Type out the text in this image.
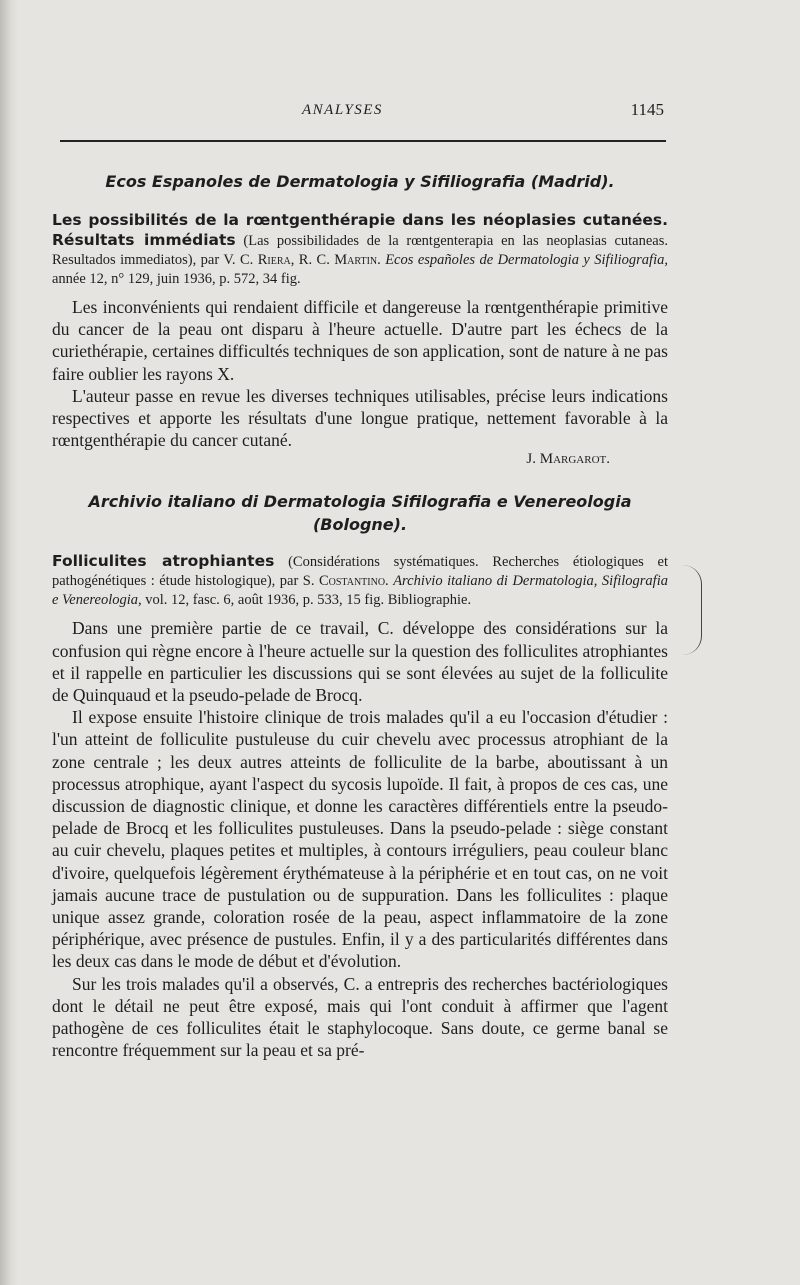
ANALYSES	1145
Ecos Espanoles de Dermatologia y Sifiliografia (Madrid).
Les possibilités de la rœntgenthérapie dans les néoplasies cutanées. Résultats immédiats (Las possibilidades de la rœntgenterapia en las neoplasias cutaneas. Resultados immediatos), par V. C. Riera, R. C. Martin. Ecos españoles de Dermatologia y Sifiliografia, année 12, n° 129, juin 1936, p. 572, 34 fig.

Les inconvénients qui rendaient difficile et dangereuse la rœntgenthérapie primitive du cancer de la peau ont disparu à l'heure actuelle. D'autre part les échecs de la curiethérapie, certaines difficultés techniques de son application, sont de nature à ne pas faire oublier les rayons X.

L'auteur passe en revue les diverses techniques utilisables, précise leurs indications respectives et apporte les résultats d'une longue pratique, nettement favorable à la rœntgenthérapie du cancer cutané.

J. Margarot.
Archivio italiano di Dermatologia Sifilografia e Venereologia
(Bologne).
Folliculites atrophiantes (Considérations systématiques. Recherches étiologiques et pathogénétiques : étude histologique), par S. Costantino. Archivio italiano di Dermatologia, Sifilografia e Venereologia, vol. 12, fasc. 6, août 1936, p. 533, 15 fig. Bibliographie.

Dans une première partie de ce travail, C. développe des considérations sur la confusion qui règne encore à l'heure actuelle sur la question des folliculites atrophiantes et il rappelle en particulier les discussions qui se sont élevées au sujet de la folliculite de Quinquaud et la pseudo-pelade de Brocq.

Il expose ensuite l'histoire clinique de trois malades qu'il a eu l'occasion d'étudier : l'un atteint de folliculite pustuleuse du cuir chevelu avec processus atrophiant de la zone centrale ; les deux autres atteints de folliculite de la barbe, aboutissant à un processus atrophique, ayant l'aspect du sycosis lupoïde. Il fait, à propos de ces cas, une discussion de diagnostic clinique, et donne les caractères différentiels entre la pseudo-pelade de Brocq et les folliculites pustuleuses. Dans la pseudo-pelade : siège constant au cuir chevelu, plaques petites et multiples, à contours irréguliers, peau couleur blanc d'ivoire, quelquefois légèrement érythémateuse à la périphérie et en tout cas, on ne voit jamais aucune trace de pustulation ou de suppuration. Dans les folliculites : plaque unique assez grande, coloration rosée de la peau, aspect inflammatoire de la zone périphérique, avec présence de pustules. Enfin, il y a des particularités différentes dans les deux cas dans le mode de début et d'évolution.

Sur les trois malades qu'il a observés, C. a entrepris des recherches bactériologiques dont le détail ne peut être exposé, mais qui l'ont conduit à affirmer que l'agent pathogène de ces folliculites était le staphylocoque. Sans doute, ce germe banal se rencontre fréquemment sur la peau et sa pré-
